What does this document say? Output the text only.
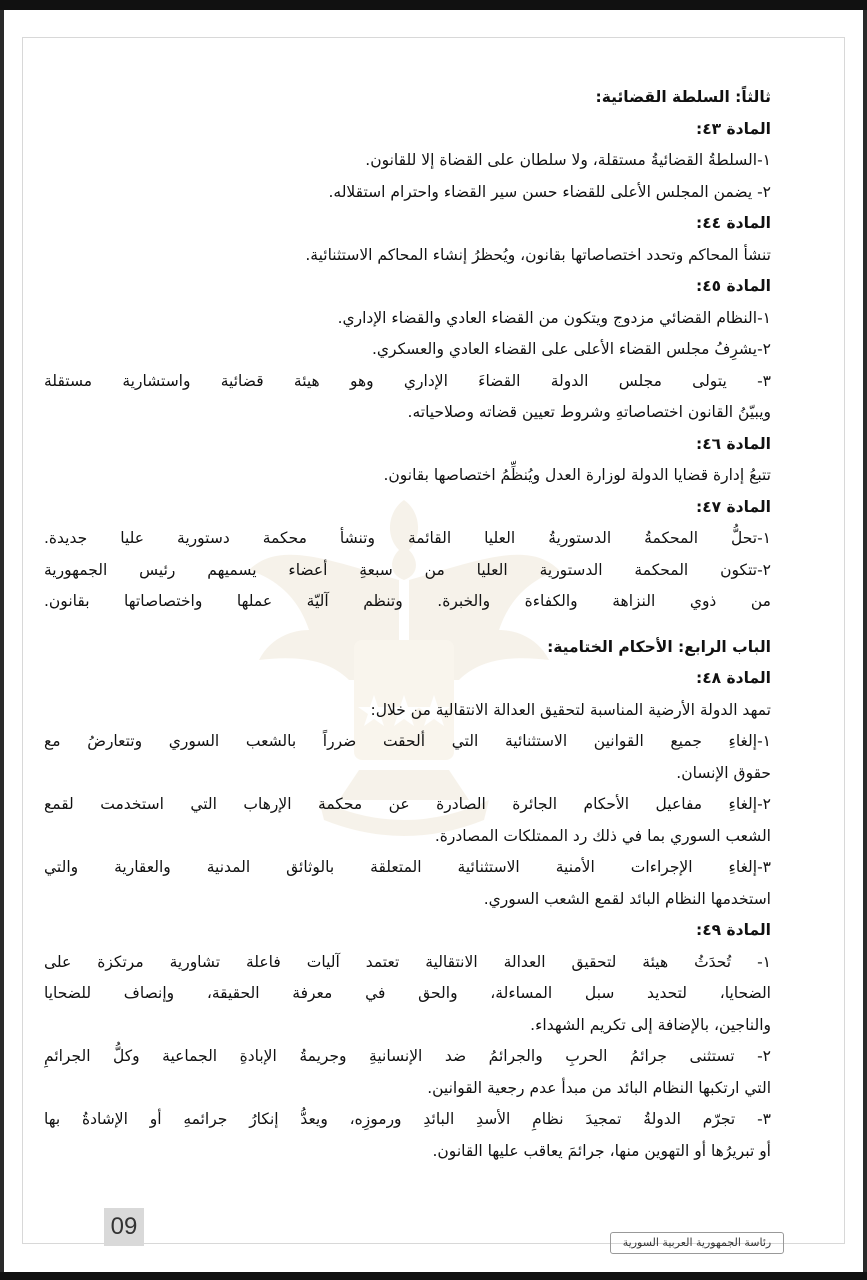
ثالثاً: السلطة القضائية:
المادة ٤٣:
١-السلطةُ القضائيةُ مستقلة، ولا سلطان على القضاة إلا للقانون.
٢- يضمن المجلس الأعلى للقضاء حسن سير القضاء واحترام استقلاله.
المادة ٤٤:
تنشأ المحاكم وتحدد اختصاصاتها بقانون، ويُحظرُ إنشاء المحاكم الاستثنائية.
المادة ٤٥:
١-النظام القضائي مزدوج ويتكون من القضاء العادي والقضاء الإداري.
٢-يشرِفُ مجلس القضاء الأعلى على القضاء العادي والعسكري.
٣- يتولى مجلس الدولة القضاءَ الإداري وهو هيئة قضائية واستشارية مستقلة
ويبيّنُ القانون اختصاصاتهِ وشروط تعيين قضاته وصلاحياته.
المادة ٤٦:
تتبعُ إدارة قضايا الدولة لوزارة العدل ويُنظِّمُ اختصاصها بقانون.
المادة ٤٧:
١-تحلُّ المحكمةُ الدستوريةُ العليا القائمة وتنشأ محكمة دستورية عليا جديدة.
٢-تتكون المحكمة الدستورية العليا من سبعةِ أعضاء يسميهم رئيس الجمهورية
من ذوي النزاهة والكفاءة والخبرة. وتنظم آليّة عملها واختصاصاتها بقانون.
الباب الرابع: الأحكام الختامية:
المادة ٤٨:
تمهد الدولة الأرضية المناسبة لتحقيق العدالة الانتقالية من خلال:
١-إلغاءِ جميع القوانين الاستثنائية التي ألحقت ضرراً بالشعب السوري وتتعارضُ مع
حقوق الإنسان.
٢-إلغاءِ مفاعيل الأحكام الجائرة الصادرة عن محكمة الإرهاب التي استخدمت لقمع
الشعب السوري بما في ذلك رد الممتلكات المصادرة.
٣-إلغاءِ الإجراءات الأمنية الاستثنائية المتعلقة بالوثائق المدنية والعقارية والتي
استخدمها النظام البائد لقمع الشعب السوري.
المادة ٤٩:
١- تُحدَثُ هيئة لتحقيق العدالة الانتقالية تعتمد آليات فاعلة تشاورية مرتكزة على
الضحايا، لتحديد سبل المساءلة، والحق في معرفة الحقيقة، وإنصاف للضحايا
والناجين، بالإضافة إلى تكريم الشهداء.
٢- تستثنى جرائمُ الحربِ والجرائمُ ضد الإنسانيةِ وجريمةُ الإبادةِ الجماعية وكلُّ الجرائمِ
التي ارتكبها النظام البائد من مبدأ عدم رجعية القوانين.
٣- تجرّم الدولةُ تمجيدَ نظامِ الأسدِ البائدِ ورموزِه، ويعدُّ إنكارُ جرائمهِ أو الإشادةُ بها
أو تبريرُها أو التهوين منها، جرائمَ يعاقب عليها القانون.
09
رئاسة الجمهورية العربية السورية
